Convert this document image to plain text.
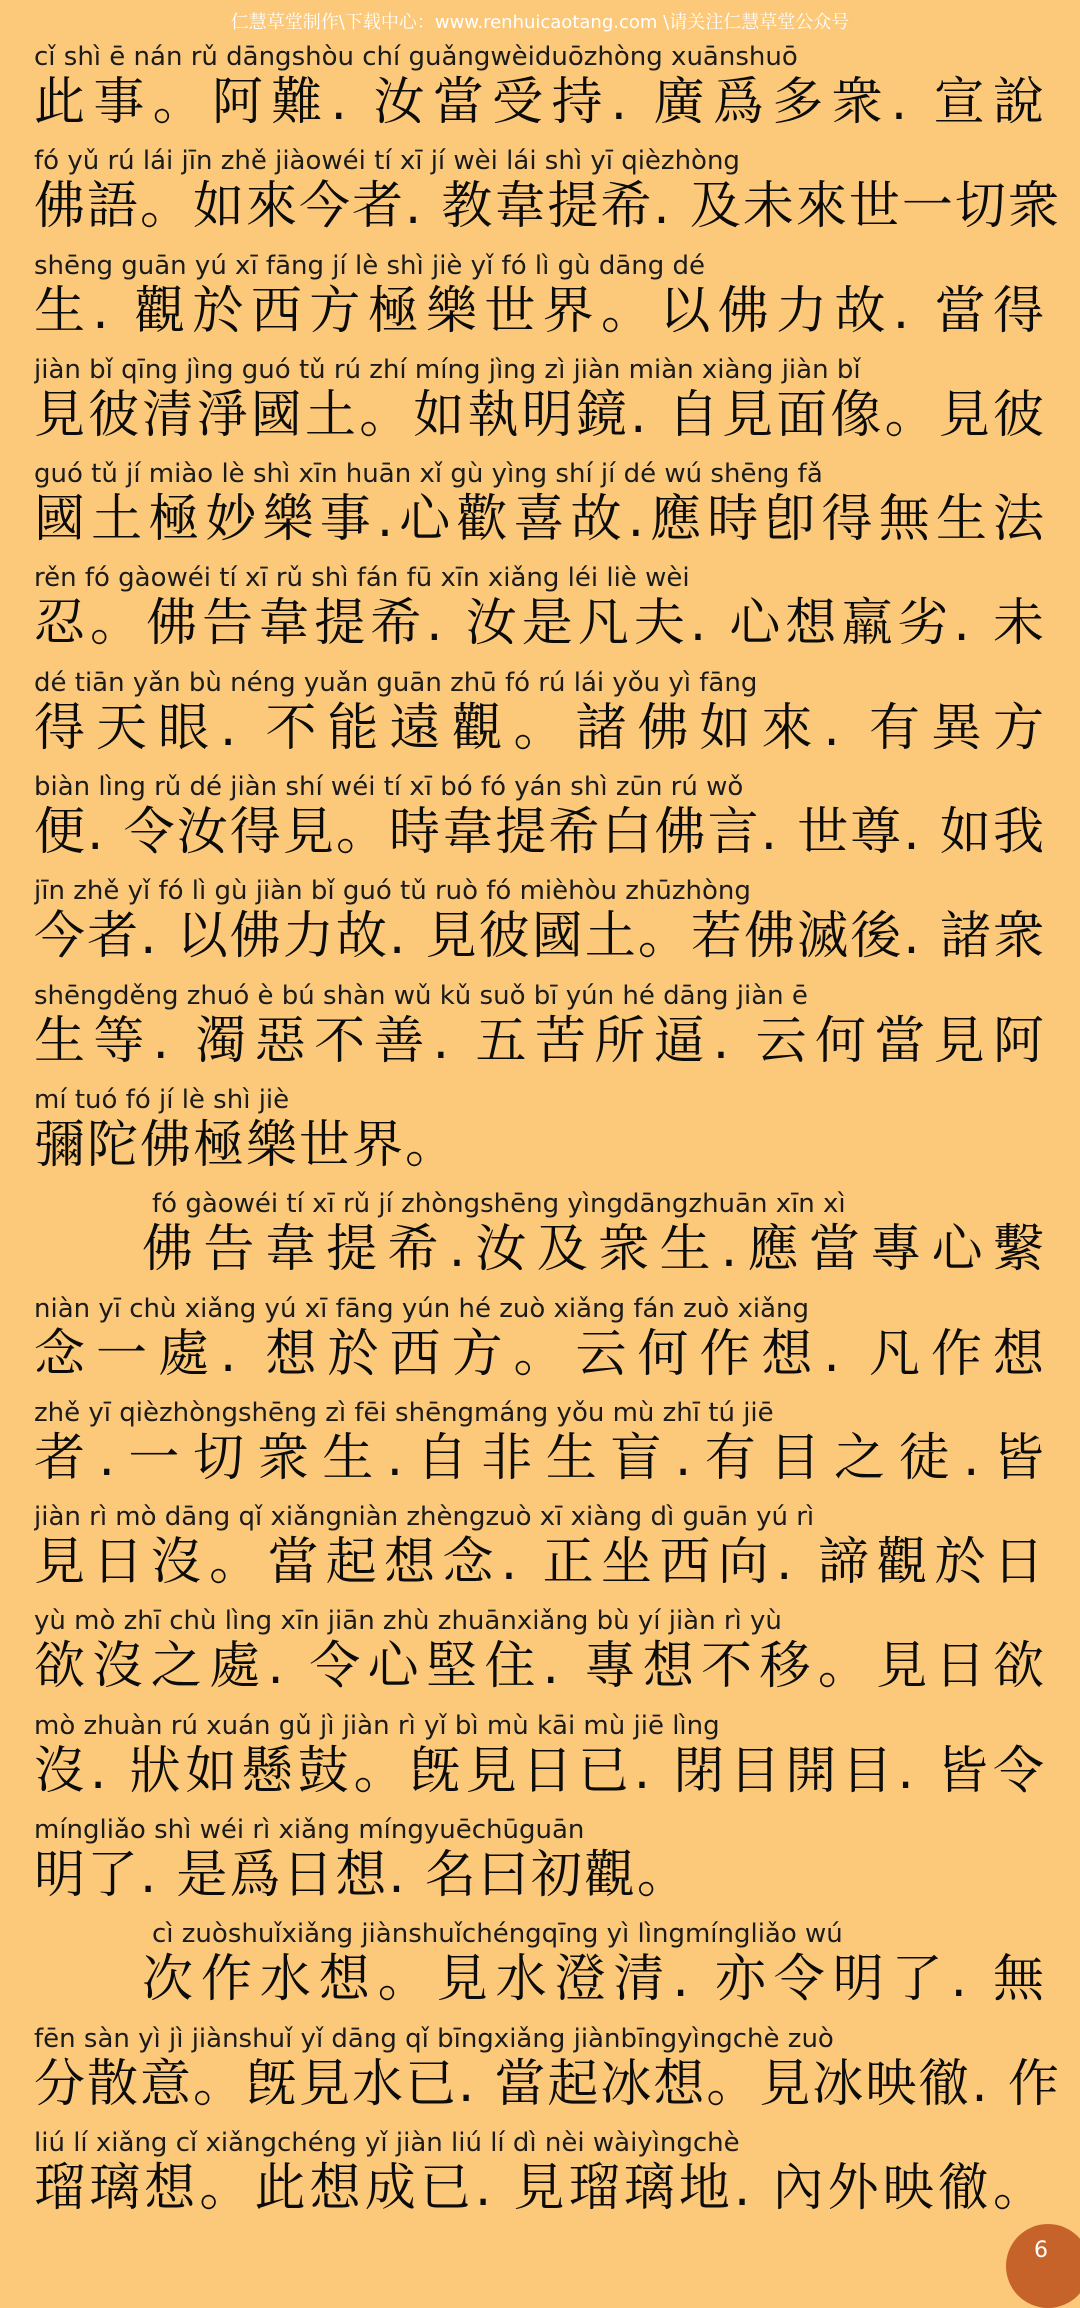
仁慧草堂制作\下载中心：www.renhuicaotang.com \请关注仁慧草堂公众号
cǐ shì ē nán rǔ dāngshòu chí guǎngwèiduōzhòng xuānshuō
此事。阿難. 汝當受持. 廣爲多衆. 宣說
fó yǔ rú lái jīn zhě jiàowéi tí xī jí wèi lái shì yī qièzhòng
佛語。如來今者. 教韋提希. 及未來世一切衆
shēng guān yú xī fāng jí lè shì jiè yǐ fó lì gù dāng dé
生. 觀於西方極樂世界。以佛力故. 當得
jiàn bǐ qīng jìng guó tǔ rú zhí míng jìng zì jiàn miàn xiàng jiàn bǐ
見彼清淨國土。如執明鏡. 自見面像。見彼
guó tǔ jí miào lè shì xīn huān xǐ gù yìng shí jí dé wú shēng fǎ
國土極妙樂事.心歡喜故.應時卽得無生法
rěn fó gàowéi tí xī rǔ shì fán fū xīn xiǎng léi liè wèi
忍。佛告韋提希. 汝是凡夫. 心想羸劣. 未
dé tiān yǎn bù néng yuǎn guān zhū fó rú lái yǒu yì fāng
得天眼. 不能遠觀。諸佛如來. 有異方
biàn lìng rǔ dé jiàn shí wéi tí xī bó fó yán shì zūn rú wǒ
便. 令汝得見。時韋提希白佛言. 世尊. 如我
jīn zhě yǐ fó lì gù jiàn bǐ guó tǔ ruò fó mièhòu zhūzhòng
今者. 以佛力故. 見彼國土。若佛滅後. 諸衆
shēngděng zhuó è bú shàn wǔ kǔ suǒ bī yún hé dāng jiàn ē
生等. 濁惡不善. 五苦所逼. 云何當見阿
mí tuó fó jí lè shì jiè
彌陀佛極樂世界。
fó gàowéi tí xī rǔ jí zhòngshēng yìngdāngzhuān xīn xì
佛告韋提希.汝及衆生.應當專心繫
niàn yī chù xiǎng yú xī fāng yún hé zuò xiǎng fán zuò xiǎng
念一處. 想於西方。云何作想. 凡作想
zhě yī qièzhòngshēng zì fēi shēngmáng yǒu mù zhī tú jiē
者.一切衆生.自非生盲.有目之徒.皆
jiàn rì mò dāng qǐ xiǎngniàn zhèngzuò xī xiàng dì guān yú rì
見日沒。當起想念. 正坐西向. 諦觀於日
yù mò zhī chù lìng xīn jiān zhù zhuānxiǎng bù yí jiàn rì yù
欲沒之處. 令心堅住. 專想不移。見日欲
mò zhuàn rú xuán gǔ jì jiàn rì yǐ bì mù kāi mù jiē lìng
沒. 狀如懸鼓。旣見日已. 閉目開目. 皆令
míngliǎo shì wéi rì xiǎng míngyuēchūguān
明了. 是爲日想. 名曰初觀。
cì zuòshuǐxiǎng jiànshuǐchéngqīng yì lìngmíngliǎo wú
次作水想。見水澄清. 亦令明了. 無
fēn sàn yì jì jiànshuǐ yǐ dāng qǐ bīngxiǎng jiànbīngyìngchè zuò
分散意。旣見水已. 當起冰想。見冰映徹. 作
liú lí xiǎng cǐ xiǎngchéng yǐ jiàn liú lí dì nèi wàiyìngchè
瑠璃想。此想成已. 見瑠璃地. 內外映徹。
6
